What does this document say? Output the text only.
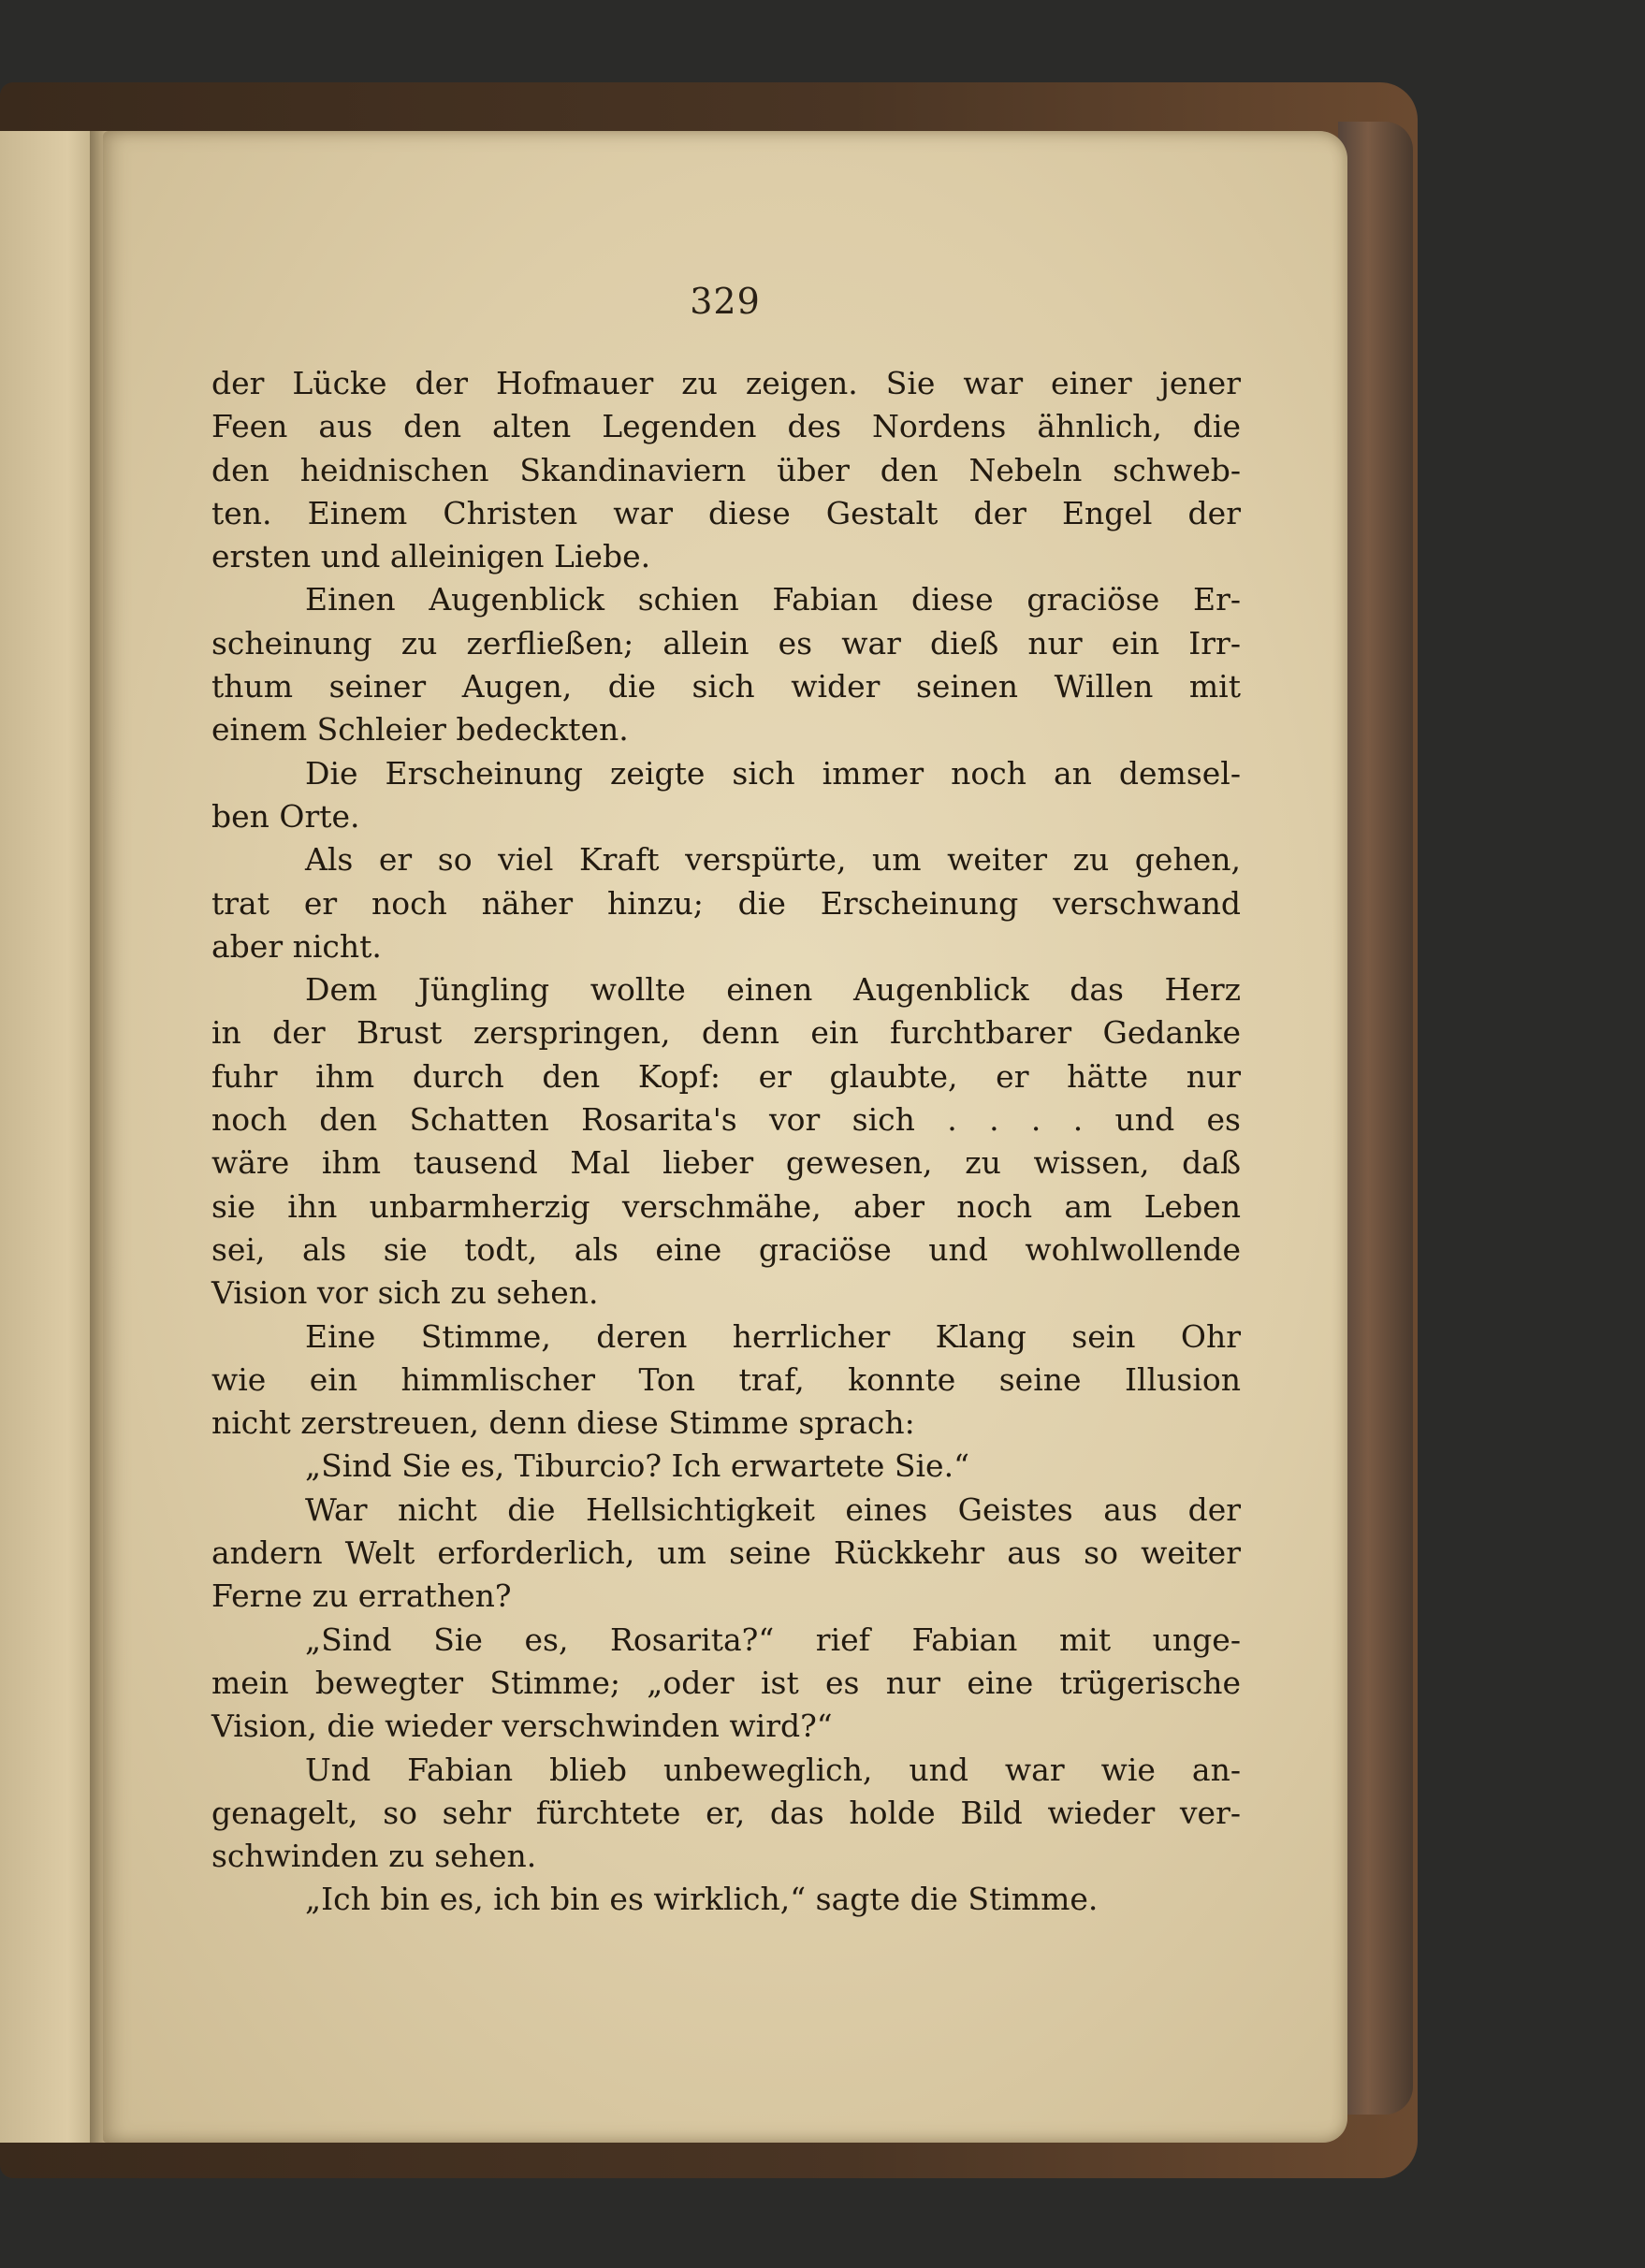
329
der Lücke der Hofmauer zu zeigen. Sie war einer jener
Feen aus den alten Legenden des Nordens ähnlich, die
den heidnischen Skandinaviern über den Nebeln schweb-
ten. Einem Christen war diese Gestalt der Engel der
ersten und alleinigen Liebe.
Einen Augenblick schien Fabian diese graciöse Er-
scheinung zu zerfließen; allein es war dieß nur ein Irr-
thum seiner Augen, die sich wider seinen Willen mit
einem Schleier bedeckten.
Die Erscheinung zeigte sich immer noch an demsel-
ben Orte.
Als er so viel Kraft verspürte, um weiter zu gehen,
trat er noch näher hinzu; die Erscheinung verschwand
aber nicht.
Dem Jüngling wollte einen Augenblick das Herz
in der Brust zerspringen, denn ein furchtbarer Gedanke
fuhr ihm durch den Kopf: er glaubte, er hätte nur
noch den Schatten Rosarita's vor sich . . . . und es
wäre ihm tausend Mal lieber gewesen, zu wissen, daß
sie ihn unbarmherzig verschmähe, aber noch am Leben
sei, als sie todt, als eine graciöse und wohlwollende
Vision vor sich zu sehen.
Eine Stimme, deren herrlicher Klang sein Ohr
wie ein himmlischer Ton traf, konnte seine Illusion
nicht zerstreuen, denn diese Stimme sprach:
„Sind Sie es, Tiburcio? Ich erwartete Sie.“
War nicht die Hellsichtigkeit eines Geistes aus der
andern Welt erforderlich, um seine Rückkehr aus so weiter
Ferne zu errathen?
„Sind Sie es, Rosarita?“ rief Fabian mit unge-
mein bewegter Stimme; „oder ist es nur eine trügerische
Vision, die wieder verschwinden wird?“
Und Fabian blieb unbeweglich, und war wie an-
genagelt, so sehr fürchtete er, das holde Bild wieder ver-
schwinden zu sehen.
„Ich bin es, ich bin es wirklich,“ sagte die Stimme.
